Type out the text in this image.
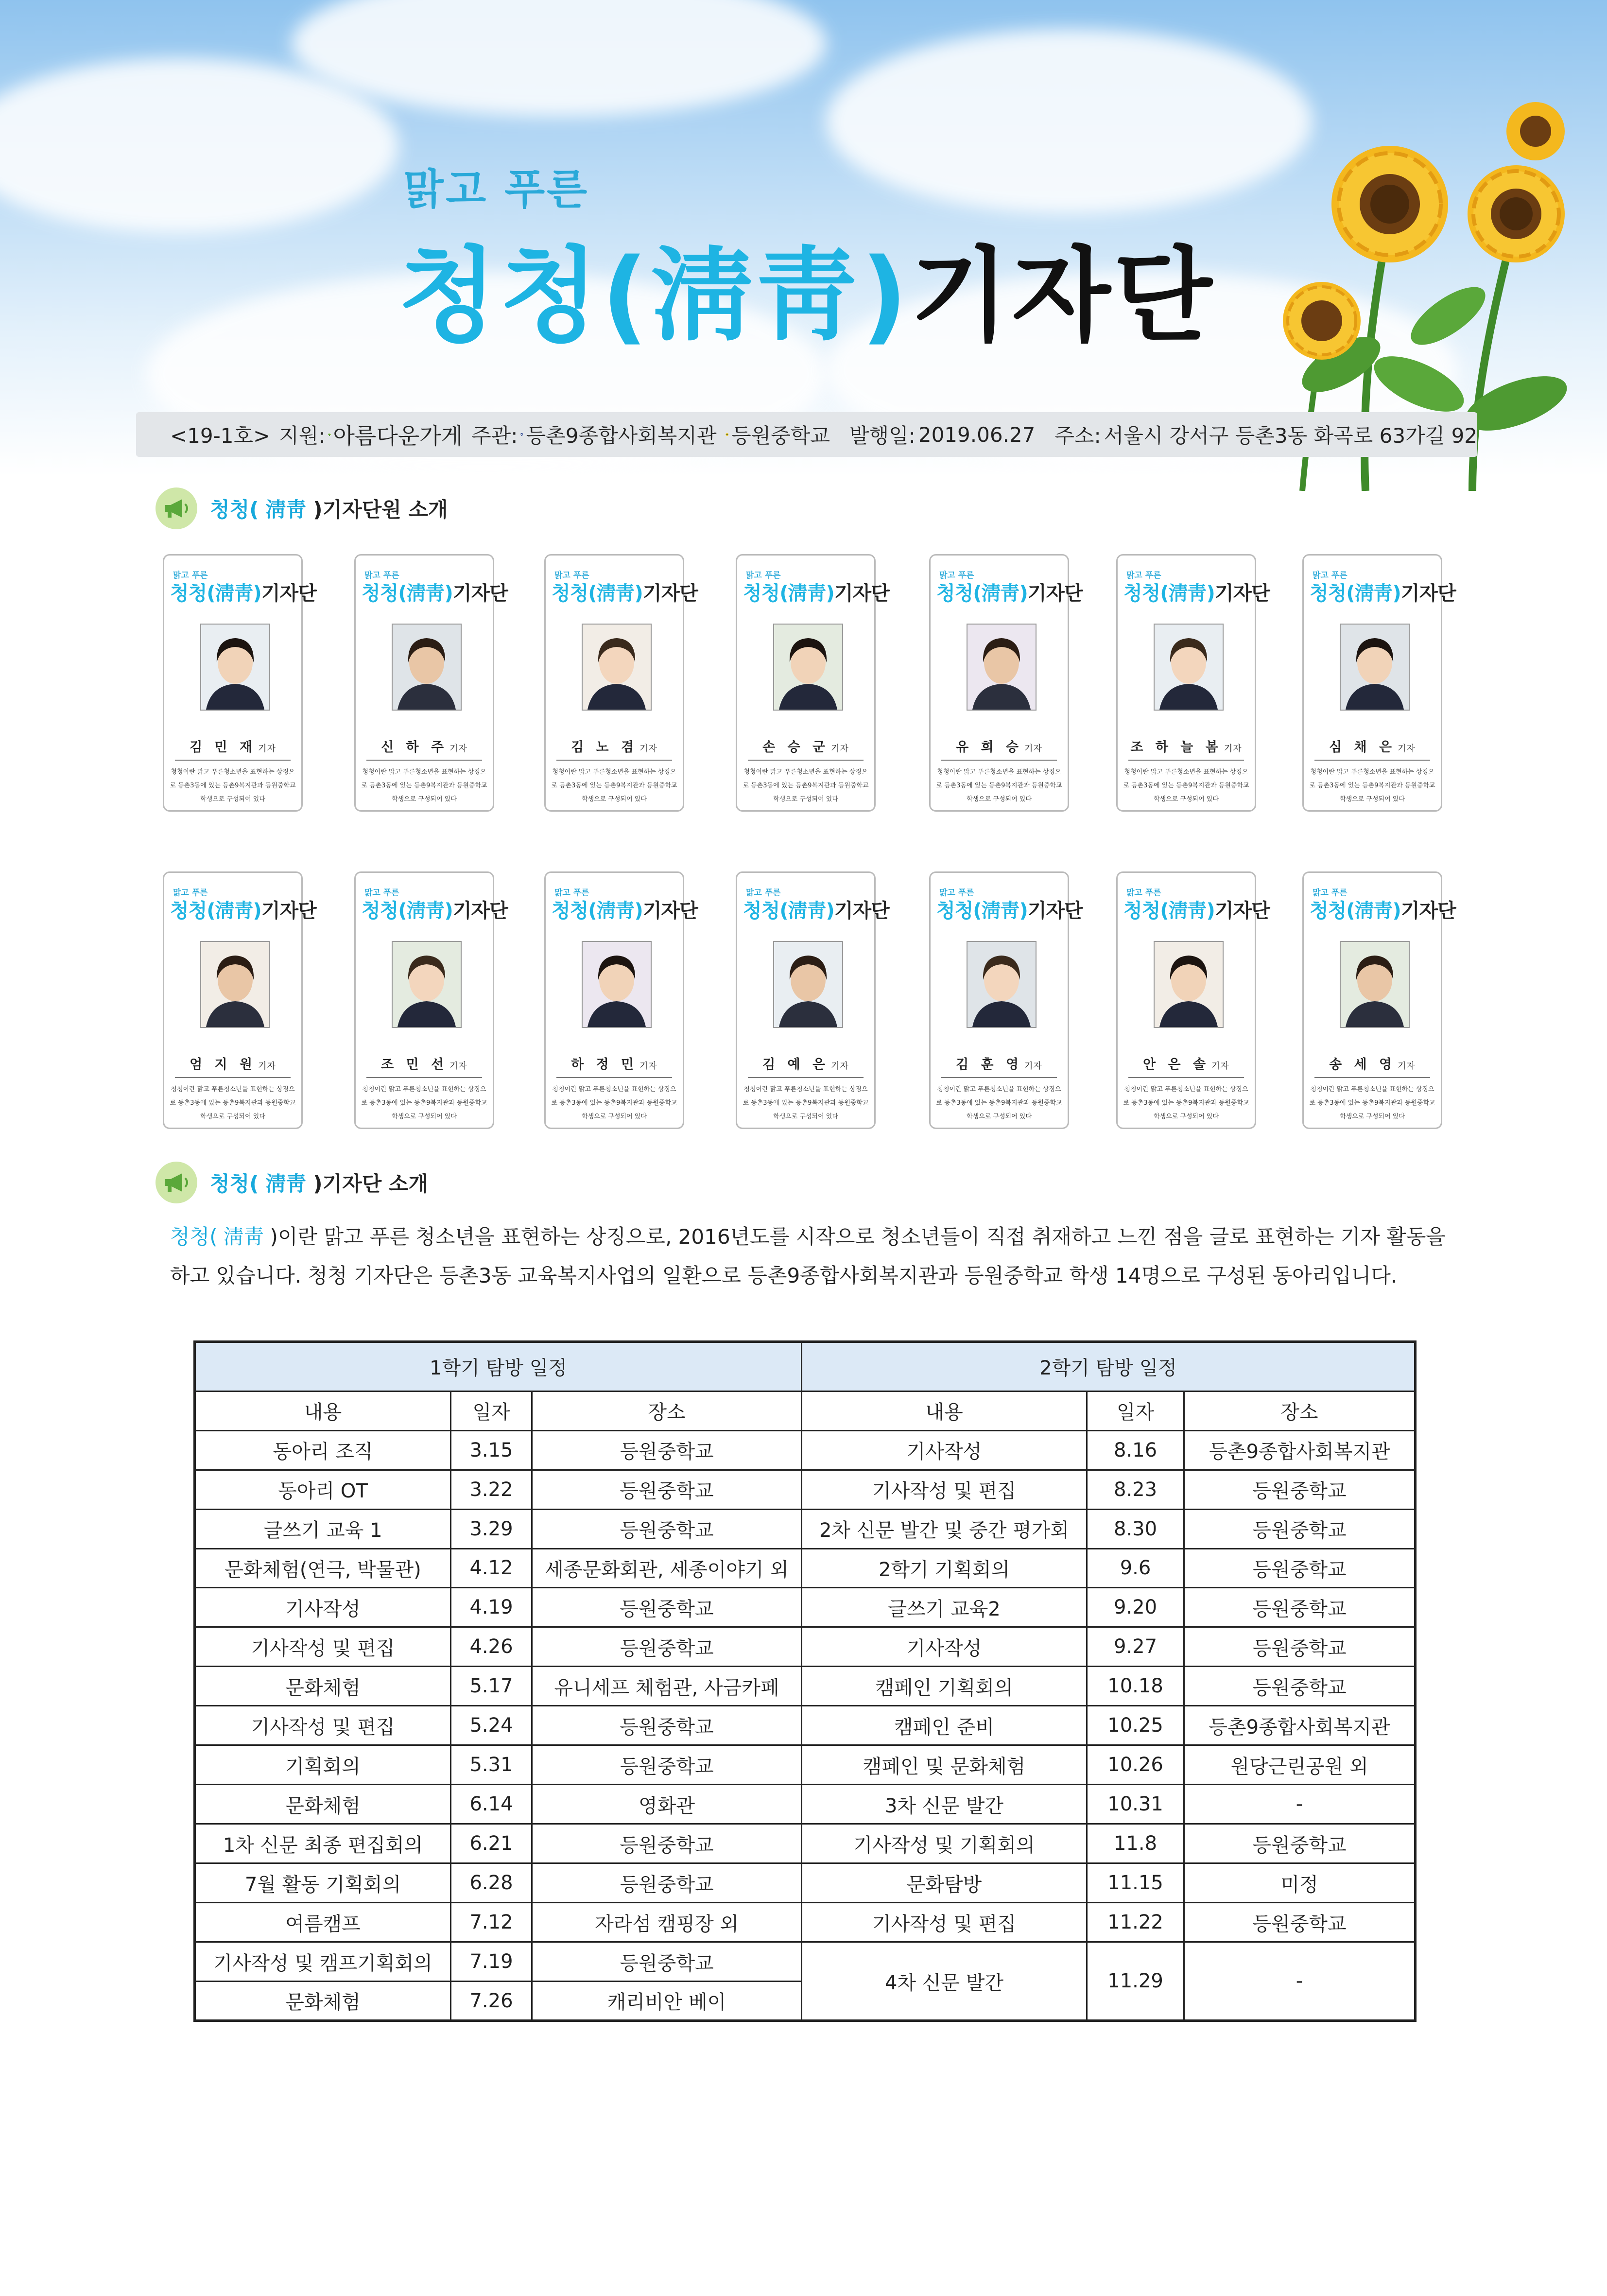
맑고 푸른
청청(淸靑)기자단
<19-1호> 지원: 아름다운가게 주관: 등촌9종합사회복지관 등원중학교 발행일: 2019.06.27 주소: 서울시 강서구 등촌3동 화곡로 63가길 92
청청( 淸靑 )기자단원 소개
맑고 푸른
청청(淸靑)기자단
김 민 재 기자
청청이란 맑고 푸른청소년을 표현하는 상징으로 등촌3동에 있는 등촌9복지관과 등원중학교 학생으로 구성되어 있다
맑고 푸른
청청(淸靑)기자단
신 하 주 기자
청청이란 맑고 푸른청소년을 표현하는 상징으로 등촌3동에 있는 등촌9복지관과 등원중학교 학생으로 구성되어 있다
맑고 푸른
청청(淸靑)기자단
김 노 겸 기자
청청이란 맑고 푸른청소년을 표현하는 상징으로 등촌3동에 있는 등촌9복지관과 등원중학교 학생으로 구성되어 있다
맑고 푸른
청청(淸靑)기자단
손 승 군 기자
청청이란 맑고 푸른청소년을 표현하는 상징으로 등촌3동에 있는 등촌9복지관과 등원중학교 학생으로 구성되어 있다
맑고 푸른
청청(淸靑)기자단
유 희 승 기자
청청이란 맑고 푸른청소년을 표현하는 상징으로 등촌3동에 있는 등촌9복지관과 등원중학교 학생으로 구성되어 있다
맑고 푸른
청청(淸靑)기자단
조 하 늘 봄 기자
청청이란 맑고 푸른청소년을 표현하는 상징으로 등촌3동에 있는 등촌9복지관과 등원중학교 학생으로 구성되어 있다
맑고 푸른
청청(淸靑)기자단
심 채 은 기자
청청이란 맑고 푸른청소년을 표현하는 상징으로 등촌3동에 있는 등촌9복지관과 등원중학교 학생으로 구성되어 있다
맑고 푸른
청청(淸靑)기자단
엄 지 원 기자
청청이란 맑고 푸른청소년을 표현하는 상징으로 등촌3동에 있는 등촌9복지관과 등원중학교 학생으로 구성되어 있다
맑고 푸른
청청(淸靑)기자단
조 민 선 기자
청청이란 맑고 푸른청소년을 표현하는 상징으로 등촌3동에 있는 등촌9복지관과 등원중학교 학생으로 구성되어 있다
맑고 푸른
청청(淸靑)기자단
하 정 민 기자
청청이란 맑고 푸른청소년을 표현하는 상징으로 등촌3동에 있는 등촌9복지관과 등원중학교 학생으로 구성되어 있다
맑고 푸른
청청(淸靑)기자단
김 예 은 기자
청청이란 맑고 푸른청소년을 표현하는 상징으로 등촌3동에 있는 등촌9복지관과 등원중학교 학생으로 구성되어 있다
맑고 푸른
청청(淸靑)기자단
김 훈 영 기자
청청이란 맑고 푸른청소년을 표현하는 상징으로 등촌3동에 있는 등촌9복지관과 등원중학교 학생으로 구성되어 있다
맑고 푸른
청청(淸靑)기자단
안 은 솔 기자
청청이란 맑고 푸른청소년을 표현하는 상징으로 등촌3동에 있는 등촌9복지관과 등원중학교 학생으로 구성되어 있다
맑고 푸른
청청(淸靑)기자단
송 세 영 기자
청청이란 맑고 푸른청소년을 표현하는 상징으로 등촌3동에 있는 등촌9복지관과 등원중학교 학생으로 구성되어 있다
청청( 淸靑 )기자단 소개
청청( 淸靑 )이란 맑고 푸른 청소년을 표현하는 상징으로, 2016년도를 시작으로 청소년들이 직접 취재하고 느낀 점을 글로 표현하는 기자 활동을 하고 있습니다. 청청 기자단은 등촌3동 교육복지사업의 일환으로 등촌9종합사회복지관과 등원중학교 학생 14명으로 구성된 동아리입니다.
1학기 탐방 일정			2학기 탐방 일정		
내용	일자	장소	내용	일자	장소
동아리 조직	3.15	등원중학교	기사작성	8.16	등촌9종합사회복지관
동아리 OT	3.22	등원중학교	기사작성 및 편집	8.23	등원중학교
글쓰기 교육 1	3.29	등원중학교	2차 신문 발간 및 중간 평가회	8.30	등원중학교
문화체험(연극, 박물관)	4.12	세종문화회관, 세종이야기 외	2학기 기획회의	9.6	등원중학교
기사작성	4.19	등원중학교	글쓰기 교육2	9.20	등원중학교
기사작성 및 편집	4.26	등원중학교	기사작성	9.27	등원중학교
문화체험	5.17	유니세프 체험관, 사금카페	캠페인 기획회의	10.18	등원중학교
기사작성 및 편집	5.24	등원중학교	캠페인 준비	10.25	등촌9종합사회복지관
기획회의	5.31	등원중학교	캠페인 및 문화체험	10.26	원당근린공원 외
문화체험	6.14	영화관	3차 신문 발간	10.31	-
1차 신문 최종 편집회의	6.21	등원중학교	기사작성 및 기획회의	11.8	등원중학교
7월 활동 기획회의	6.28	등원중학교	문화탐방	11.15	미정
여름캠프	7.12	자라섬 캠핑장 외	기사작성 및 편집	11.22	등원중학교
기사작성 및 캠프기획회의	7.19	등원중학교	4차 신문 발간	11.29	-
문화체험	7.26	캐리비안 베이			
